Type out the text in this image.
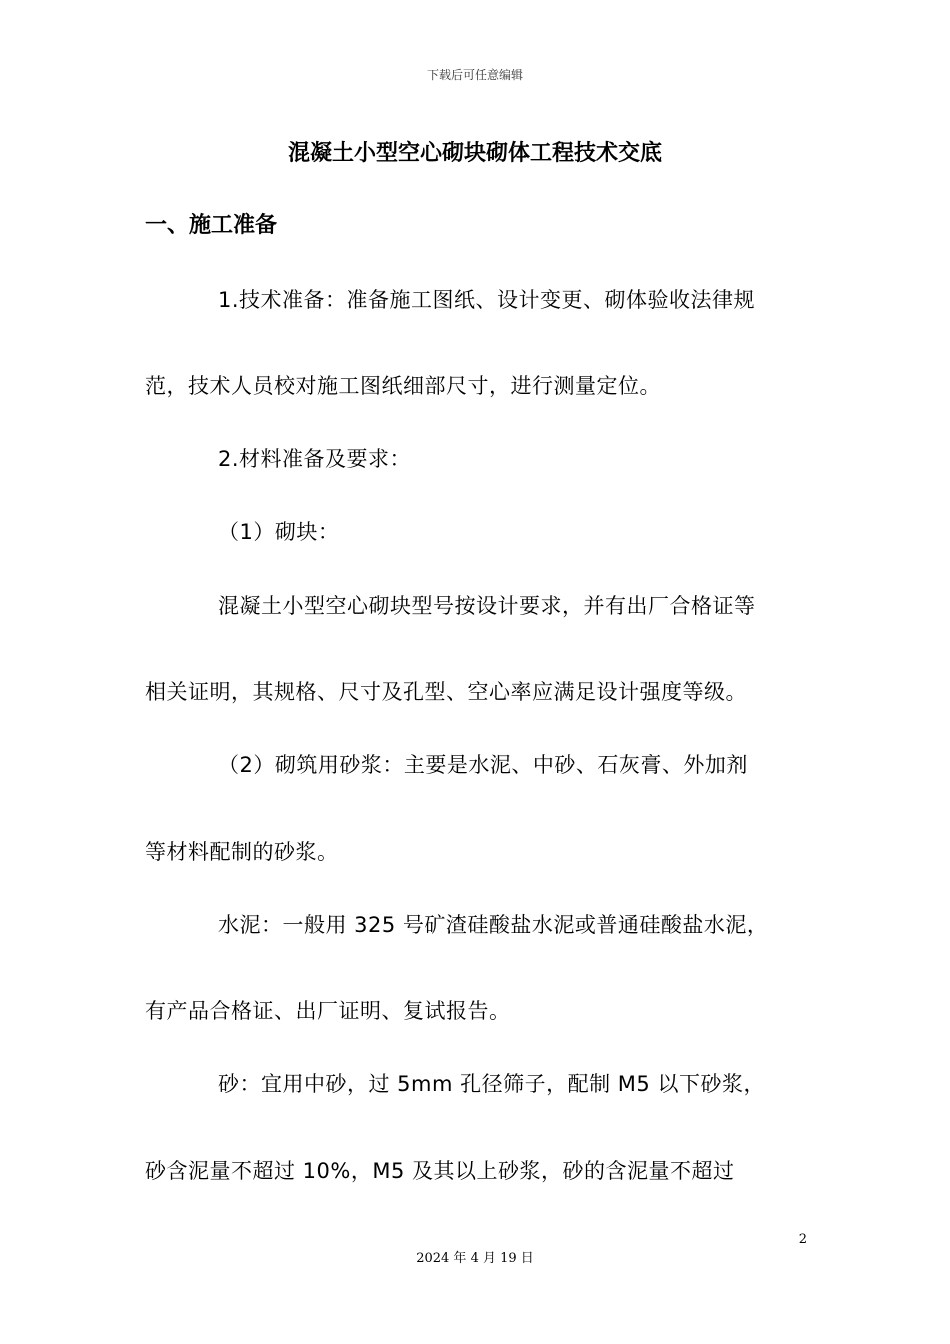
下载后可任意编辑
混凝土小型空心砌块砌体工程技术交底
一、施工准备
1.技术准备：准备施工图纸、设计变更、砌体验收法律规
范，技术人员校对施工图纸细部尺寸，进行测量定位。
2.材料准备及要求：
（1）砌块：
混凝土小型空心砌块型号按设计要求，并有出厂合格证等
相关证明，其规格、尺寸及孔型、空心率应满足设计强度等级。
（2）砌筑用砂浆：主要是水泥、中砂、石灰膏、外加剂
等材料配制的砂浆。
水泥：一般用 325 号矿渣硅酸盐水泥或普通硅酸盐水泥，
有产品合格证、出厂证明、复试报告。
砂：宜用中砂，过 5mm 孔径筛子，配制 M5 以下砂浆，
砂含泥量不超过 10%，M5 及其以上砂浆，砂的含泥量不超过
2
2024 年 4 月 19 日
